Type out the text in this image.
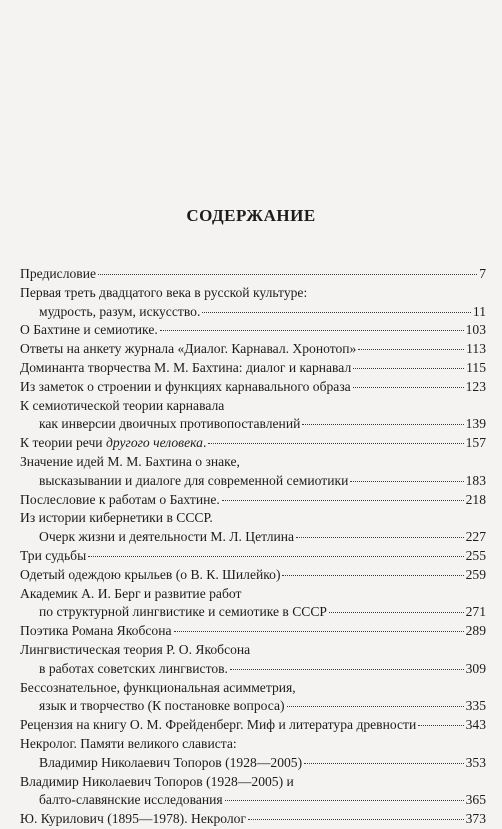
СОДЕРЖАНИЕ
Предисловие	7
Первая треть двадцатого века в русской культуре:
мудрость, разум, искусство.	11
О Бахтине и семиотике.	103
Ответы на анкету журнала «Диалог. Карнавал. Хронотоп»	113
Доминанта творчества М. М. Бахтина: диалог и карнавал	115
Из заметок о строении и функциях карнавального образа	123
К семиотической теории карнавала
как инверсии двоичных противопоставлений	139
К теории речи другого человека.	157
Значение идей М. М. Бахтина о знаке,
высказывании и диалоге для современной семиотики	183
Послесловие к работам о Бахтине.	218
Из истории кибернетики в СССР.
Очерк жизни и деятельности М. Л. Цетлина	227
Три судьбы	255
Одетый одеждою крыльев (о В. К. Шилейко)	259
Академик А. И. Берг и развитие работ
по структурной лингвистике и семиотике в СССР	271
Поэтика Романа Якобсона	289
Лингвистическая теория Р. О. Якобсона
в работах советских лингвистов.	309
Бессознательное, функциональная асимметрия,
язык и творчество (К постановке вопроса)	335
Рецензия на книгу О. М. Фрейденберг. Миф и литература древности	343
Некролог. Памяти великого слависта:
Владимир Николаевич Топоров (1928—2005)	353
Владимир Николаевич Топоров (1928—2005) и
балто-славянские исследования	365
Ю. Курилович (1895—1978). Некролог	373
